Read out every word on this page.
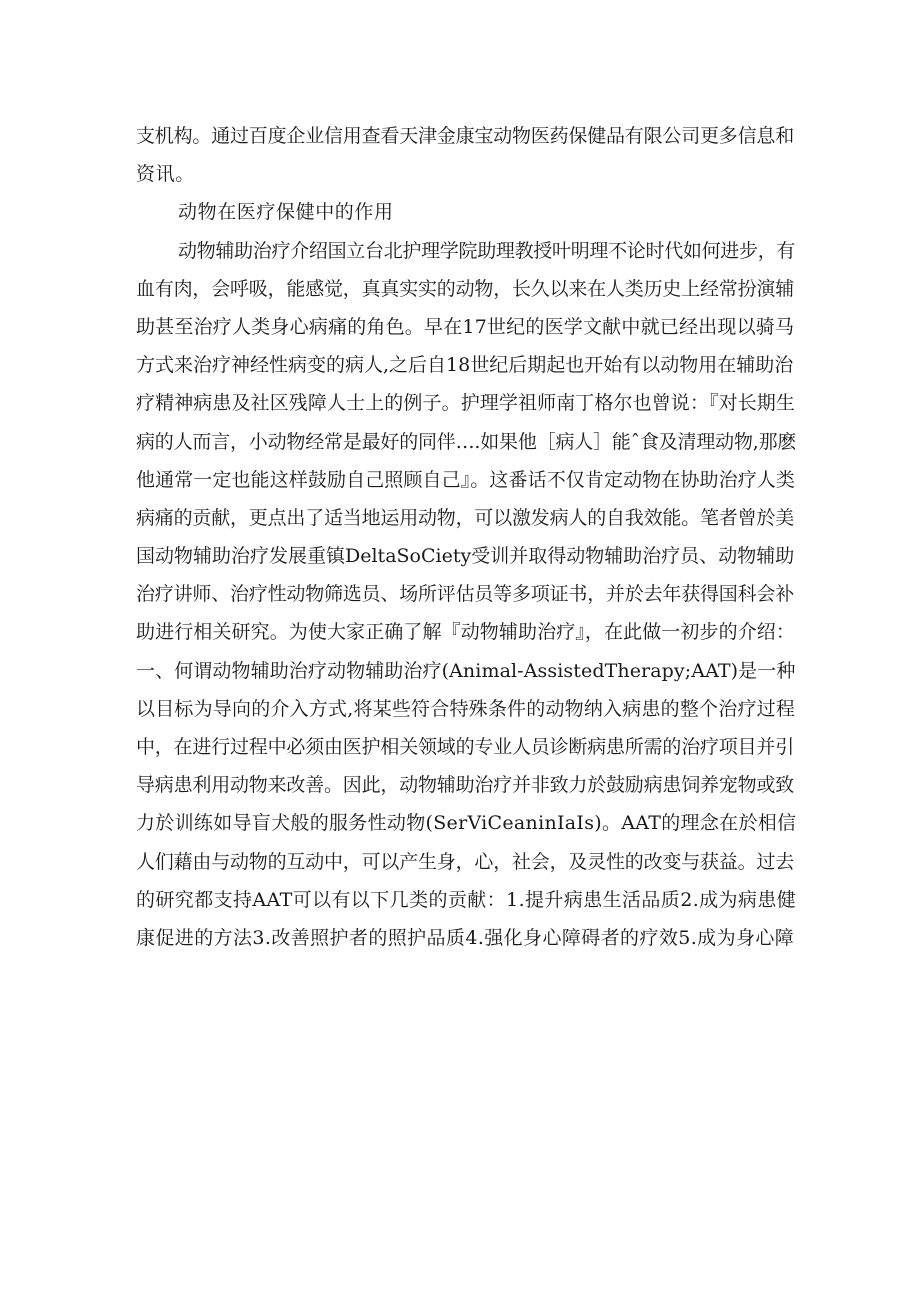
支机构。通过百度企业信用查看天津金康宝动物医药保健品有限公司更多信息和
资讯。
动物在医疗保健中的作用
动物辅助治疗介绍国立台北护理学院助理教授叶明理不论时代如何进步，有
血有肉，会呼吸，能感觉，真真实实的动物，长久以来在人类历史上经常扮演辅
助甚至治疗人类身心病痛的角色。早在17世纪的医学文献中就已经出现以骑马
方式来治疗神经性病变的病人,之后自18世纪后期起也开始有以动物用在辅助治
疗精神病患及社区残障人士上的例子。护理学祖师南丁格尔也曾说：『对长期生
病的人而言，小动物经常是最好的同伴….如果他［病人］能ˆ食及清理动物,那麽
他通常一定也能这样鼓励自己照顾自己』。这番话不仅肯定动物在协助治疗人类
病痛的贡献，更点出了适当地运用动物，可以激发病人的自我效能。笔者曾於美
国动物辅助治疗发展重镇DeltaSoCiety受训并取得动物辅助治疗员、动物辅助
治疗讲师、治疗性动物筛选员、场所评估员等多项证书，并於去年获得国科会补
助进行相关研究。为使大家正确了解『动物辅助治疗』，在此做一初步的介绍：
一、何谓动物辅助治疗动物辅助治疗(Animal-AssistedTherapy;AAT)是一种
以目标为导向的介入方式,将某些符合特殊条件的动物纳入病患的整个治疗过程
中，在进行过程中必须由医护相关领域的专业人员诊断病患所需的治疗项目并引
导病患利用动物来改善。因此，动物辅助治疗并非致力於鼓励病患饲养宠物或致
力於训练如导盲犬般的服务性动物(SerViCeaninIaIs)。AAT的理念在於相信
人们藉由与动物的互动中，可以产生身，心，社会，及灵性的改变与获益。过去
的研究都支持AAT可以有以下几类的贡献：1.提升病患生活品质2.成为病患健
康促进的方法3.改善照护者的照护品质4.强化身心障碍者的疗效5.成为身心障
